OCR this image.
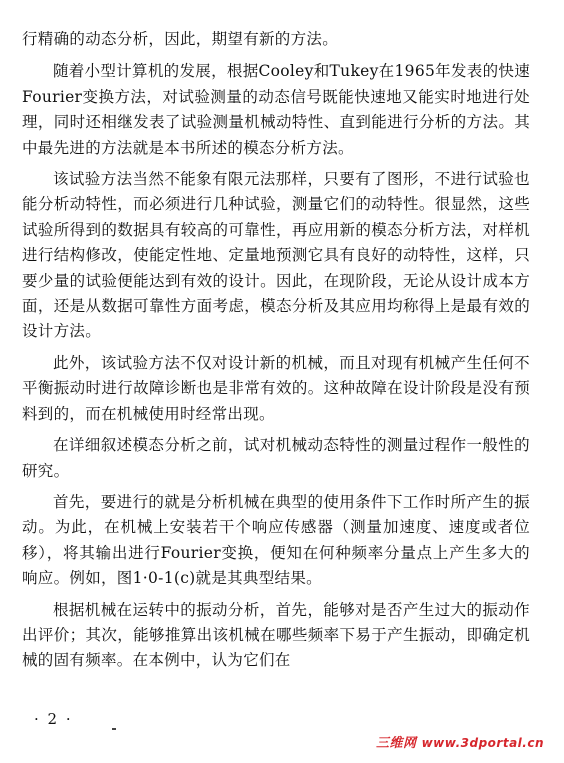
行精确的动态分析，因此，期望有新的方法。

随着小型计算机的发展，根据Cooley和Tukey在1965年发表的快速Fourier变换方法，对试验测量的动态信号既能快速地又能实时地进行处理，同时还相继发表了试验测量机械动特性、直到能进行分析的方法。其中最先进的方法就是本书所述的模态分析方法。

该试验方法当然不能象有限元法那样，只要有了图形，不进行试验也能分析动特性，而必须进行几种试验，测量它们的动特性。很显然，这些试验所得到的数据具有较高的可靠性，再应用新的模态分析方法，对样机进行结构修改，使能定性地、定量地预测它具有良好的动特性，这样，只要少量的试验便能达到有效的设计。因此，在现阶段，无论从设计成本方面，还是从数据可靠性方面考虑，模态分析及其应用均称得上是最有效的设计方法。

此外，该试验方法不仅对设计新的机械，而且对现有机械产生任何不平衡振动时进行故障诊断也是非常有效的。这种故障在设计阶段是没有预料到的，而在机械使用时经常出现。

在详细叙述模态分析之前，试对机械动态特性的测量过程作一般性的研究。

首先，要进行的就是分析机械在典型的使用条件下工作时所产生的振动。为此，在机械上安装若干个响应传感器（测量加速度、速度或者位移），将其输出进行Fourier变换，便知在何种频率分量点上产生多大的响应。例如，图1·0-1(c)就是其典型结果。

根据机械在运转中的振动分析，首先，能够对是否产生过大的振动作出评价；其次，能够推算出该机械在哪些频率下易于产生振动，即确定机械的固有频率。在本例中，认为它们在

· 2 ·
三维网 www.3dportal.cn
